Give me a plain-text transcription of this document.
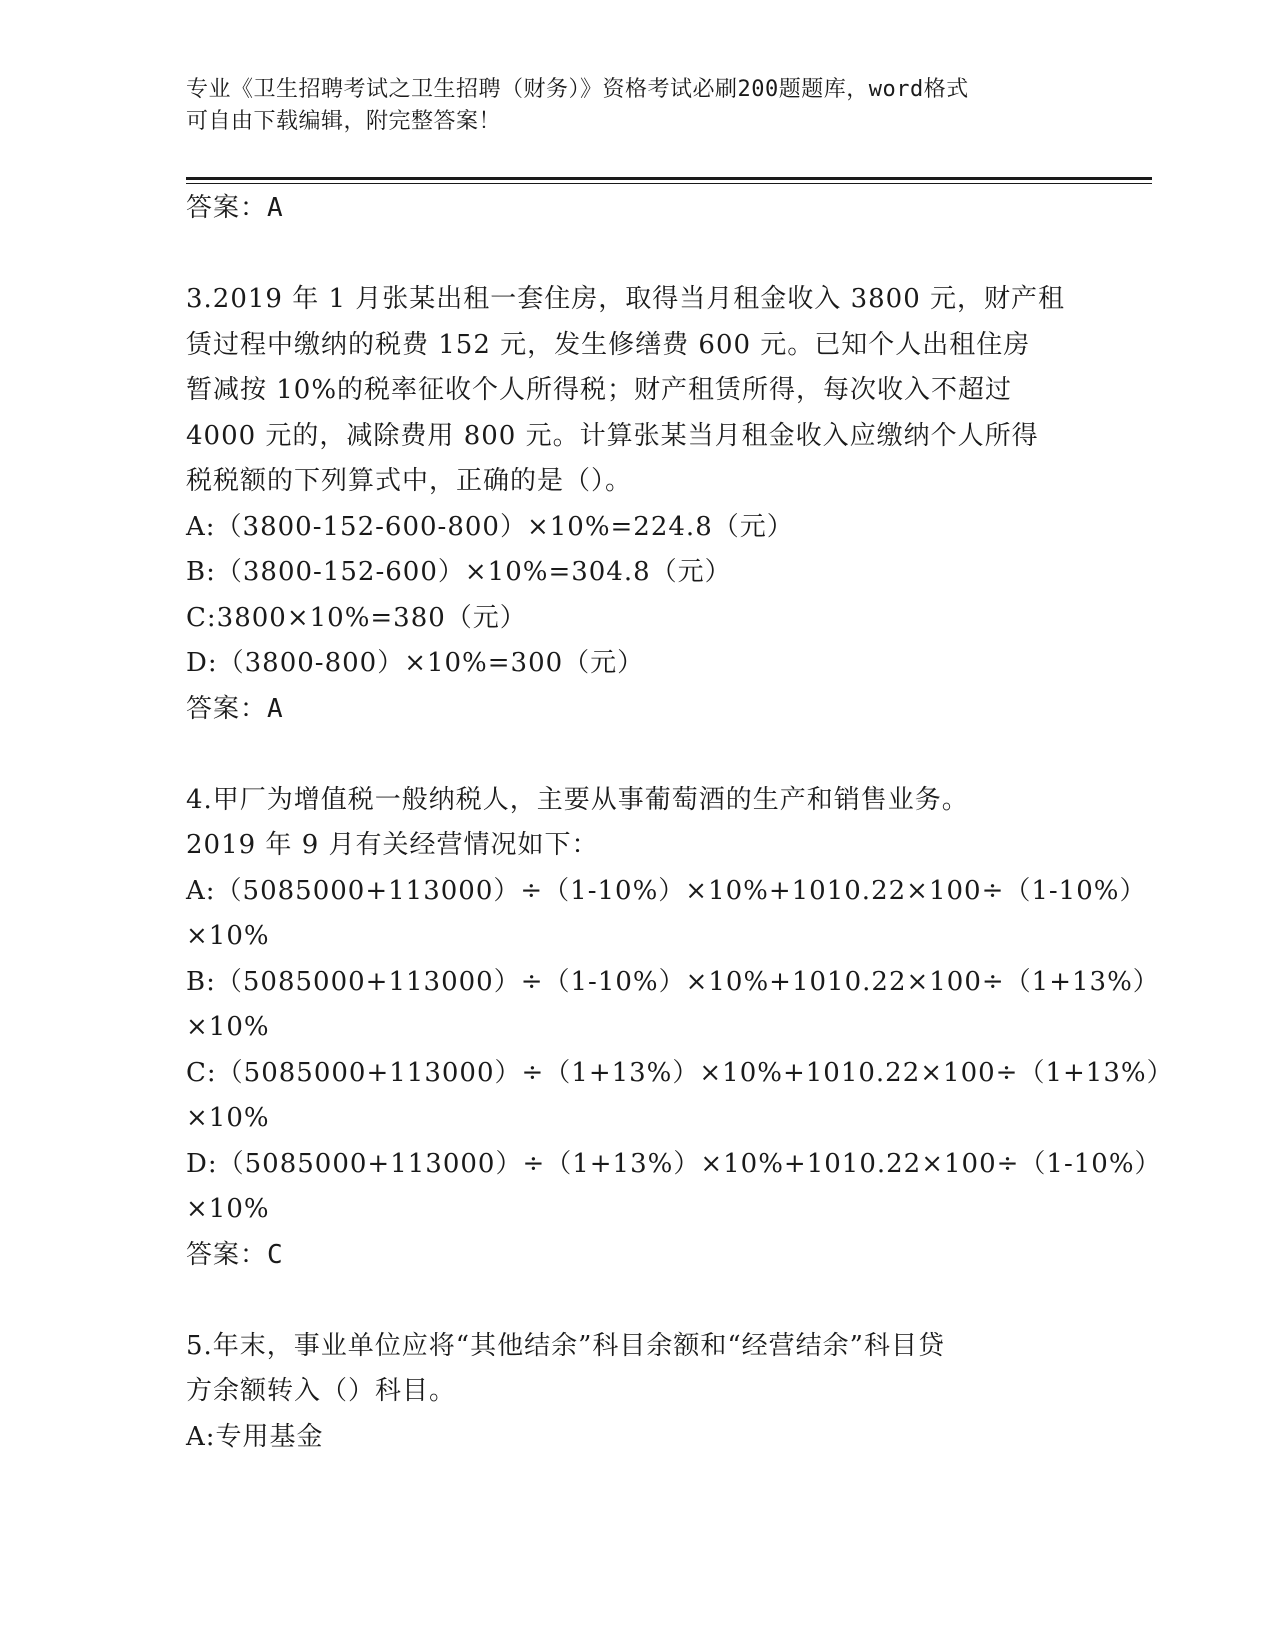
专业《卫生招聘考试之卫生招聘（财务）》资格考试必刷200题题库，word格式
可自由下载编辑，附完整答案！
答案：A
3.2019 年 1 月张某出租一套住房，取得当月租金收入 3800 元，财产租
赁过程中缴纳的税费 152 元，发生修缮费 600 元。已知个人出租住房
暂减按 10%的税率征收个人所得税；财产租赁所得，每次收入不超过
4000 元的，减除费用 800 元。计算张某当月租金收入应缴纳个人所得
税税额的下列算式中，正确的是（）。
A:（3800-152-600-800）×10%=224.8（元）
B:（3800-152-600）×10%=304.8（元）
C:3800×10%=380（元）
D:（3800-800）×10%=300（元）
答案：A
4.甲厂为增值税一般纳税人，主要从事葡萄酒的生产和销售业务。
2019 年 9 月有关经营情况如下：
A:（5085000+113000）÷（1-10%）×10%+1010.22×100÷（1-10%）
×10%
B:（5085000+113000）÷（1-10%）×10%+1010.22×100÷（1+13%）
×10%
C:（5085000+113000）÷（1+13%）×10%+1010.22×100÷（1+13%）
×10%
D:（5085000+113000）÷（1+13%）×10%+1010.22×100÷（1-10%）
×10%
答案：C
5.年末，事业单位应将“其他结余”科目余额和“经营结余”科目贷
方余额转入（）科目。
A:专用基金
